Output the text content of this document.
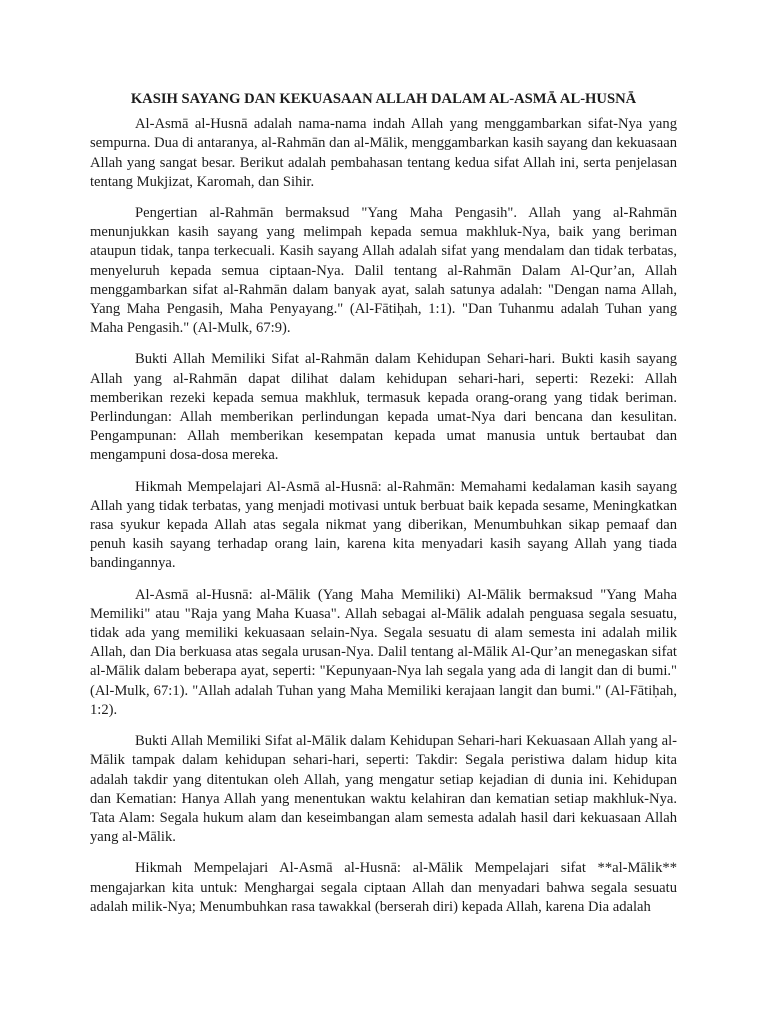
KASIH SAYANG DAN KEKUASAAN ALLAH DALAM AL-ASMĀ AL-HUSNĀ

Al-Asmā al-Husnā adalah nama-nama indah Allah yang menggambarkan sifat-Nya yang sempurna. Dua di antaranya, al-Rahmān dan al-Mālik, menggambarkan kasih sayang dan kekuasaan Allah yang sangat besar. Berikut adalah pembahasan tentang kedua sifat Allah ini, serta penjelasan tentang Mukjizat, Karomah, dan Sihir.

Pengertian al-Rahmān bermaksud "Yang Maha Pengasih". Allah yang al-Rahmān menunjukkan kasih sayang yang melimpah kepada semua makhluk-Nya, baik yang beriman ataupun tidak, tanpa terkecuali. Kasih sayang Allah adalah sifat yang mendalam dan tidak terbatas, menyeluruh kepada semua ciptaan-Nya. Dalil tentang al-Rahmān Dalam Al-Qur’an, Allah menggambarkan sifat al-Rahmān dalam banyak ayat, salah satunya adalah: "Dengan nama Allah, Yang Maha Pengasih, Maha Penyayang." (Al-Fātiḥah, 1:1). "Dan Tuhanmu adalah Tuhan yang Maha Pengasih." (Al-Mulk, 67:9).

Bukti Allah Memiliki Sifat al-Rahmān dalam Kehidupan Sehari-hari. Bukti kasih sayang Allah yang al-Rahmān dapat dilihat dalam kehidupan sehari-hari, seperti: Rezeki: Allah memberikan rezeki kepada semua makhluk, termasuk kepada orang-orang yang tidak beriman. Perlindungan: Allah memberikan perlindungan kepada umat-Nya dari bencana dan kesulitan. Pengampunan: Allah memberikan kesempatan kepada umat manusia untuk bertaubat dan mengampuni dosa-dosa mereka.

Hikmah Mempelajari Al-Asmā al-Husnā: al-Rahmān: Memahami kedalaman kasih sayang Allah yang tidak terbatas, yang menjadi motivasi untuk berbuat baik kepada sesame, Meningkatkan rasa syukur kepada Allah atas segala nikmat yang diberikan, Menumbuhkan sikap pemaaf dan penuh kasih sayang terhadap orang lain, karena kita menyadari kasih sayang Allah yang tiada bandingannya.

Al-Asmā al-Husnā: al-Mālik (Yang Maha Memiliki) Al-Mālik bermaksud "Yang Maha Memiliki" atau "Raja yang Maha Kuasa". Allah sebagai al-Mālik adalah penguasa segala sesuatu, tidak ada yang memiliki kekuasaan selain-Nya. Segala sesuatu di alam semesta ini adalah milik Allah, dan Dia berkuasa atas segala urusan-Nya. Dalil tentang al-Mālik Al-Qur’an menegaskan sifat al-Mālik dalam beberapa ayat, seperti: "Kepunyaan-Nya lah segala yang ada di langit dan di bumi." (Al-Mulk, 67:1). "Allah adalah Tuhan yang Maha Memiliki kerajaan langit dan bumi." (Al-Fātiḥah, 1:2).

Bukti Allah Memiliki Sifat al-Mālik dalam Kehidupan Sehari-hari Kekuasaan Allah yang al-Mālik tampak dalam kehidupan sehari-hari, seperti: Takdir: Segala peristiwa dalam hidup kita adalah takdir yang ditentukan oleh Allah, yang mengatur setiap kejadian di dunia ini. Kehidupan dan Kematian: Hanya Allah yang menentukan waktu kelahiran dan kematian setiap makhluk-Nya. Tata Alam: Segala hukum alam dan keseimbangan alam semesta adalah hasil dari kekuasaan Allah yang al-Mālik.

Hikmah Mempelajari Al-Asmā al-Husnā: al-Mālik Mempelajari sifat **al-Mālik** mengajarkan kita untuk: Menghargai segala ciptaan Allah dan menyadari bahwa segala sesuatu adalah milik-Nya; Menumbuhkan rasa tawakkal (berserah diri) kepada Allah, karena Dia adalah
